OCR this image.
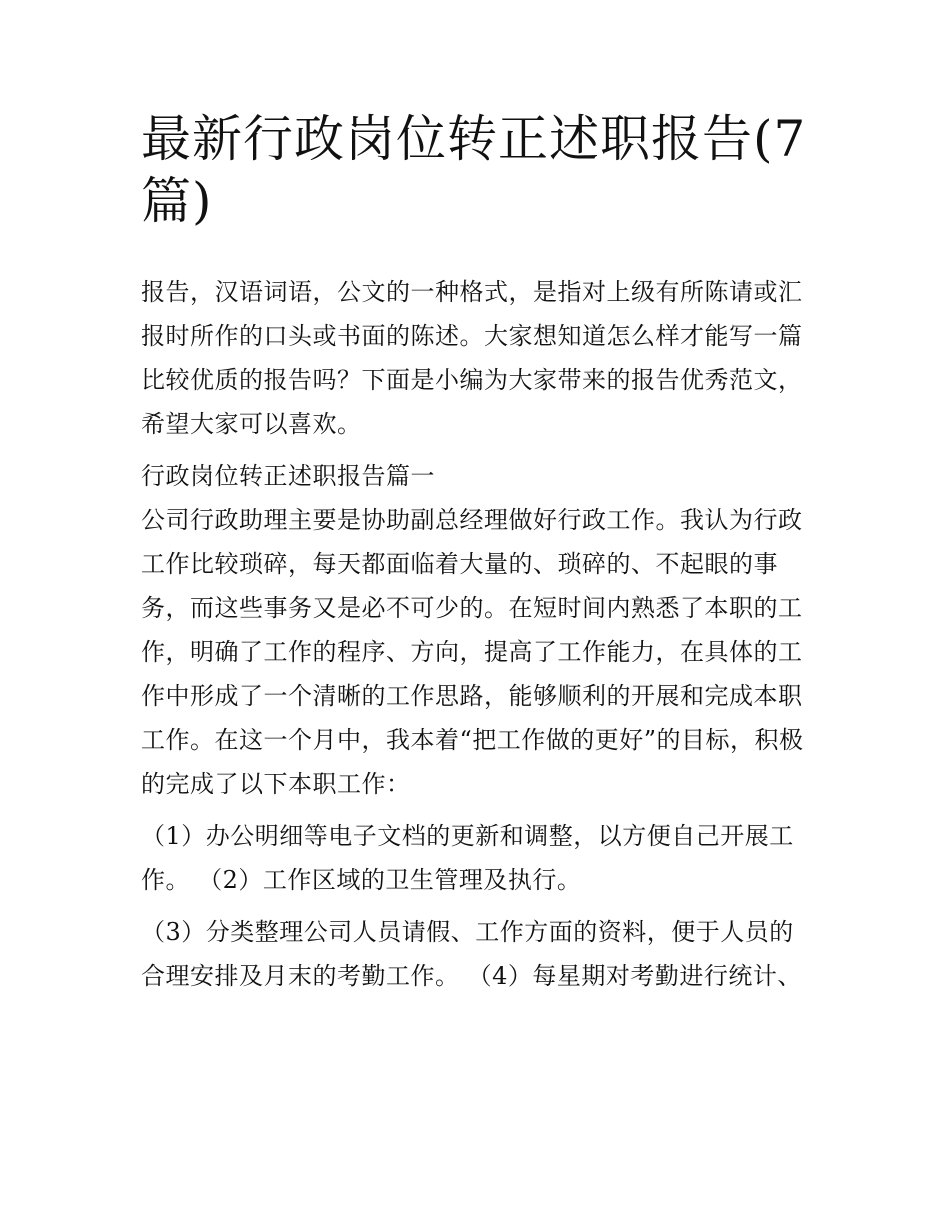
最新行政岗位转正述职报告(7篇)

报告，汉语词语，公文的一种格式，是指对上级有所陈请或汇报时所作的口头或书面的陈述。大家想知道怎么样才能写一篇比较优质的报告吗？下面是小编为大家带来的报告优秀范文，希望大家可以喜欢。

行政岗位转正述职报告篇一

公司行政助理主要是协助副总经理做好行政工作。我认为行政工作比较琐碎，每天都面临着大量的、琐碎的、不起眼的事务，而这些事务又是必不可少的。在短时间内熟悉了本职的工作，明确了工作的程序、方向，提高了工作能力，在具体的工作中形成了一个清晰的工作思路，能够顺利的开展和完成本职工作。在这一个月中，我本着“把工作做的更好”的目标，积极的完成了以下本职工作：

（1）办公明细等电子文档的更新和调整，以方便自己开展工作。 （2）工作区域的卫生管理及执行。

（3）分类整理公司人员请假、工作方面的资料，便于人员的合理安排及月末的考勤工作。 （4）每星期对考勤进行统计、
